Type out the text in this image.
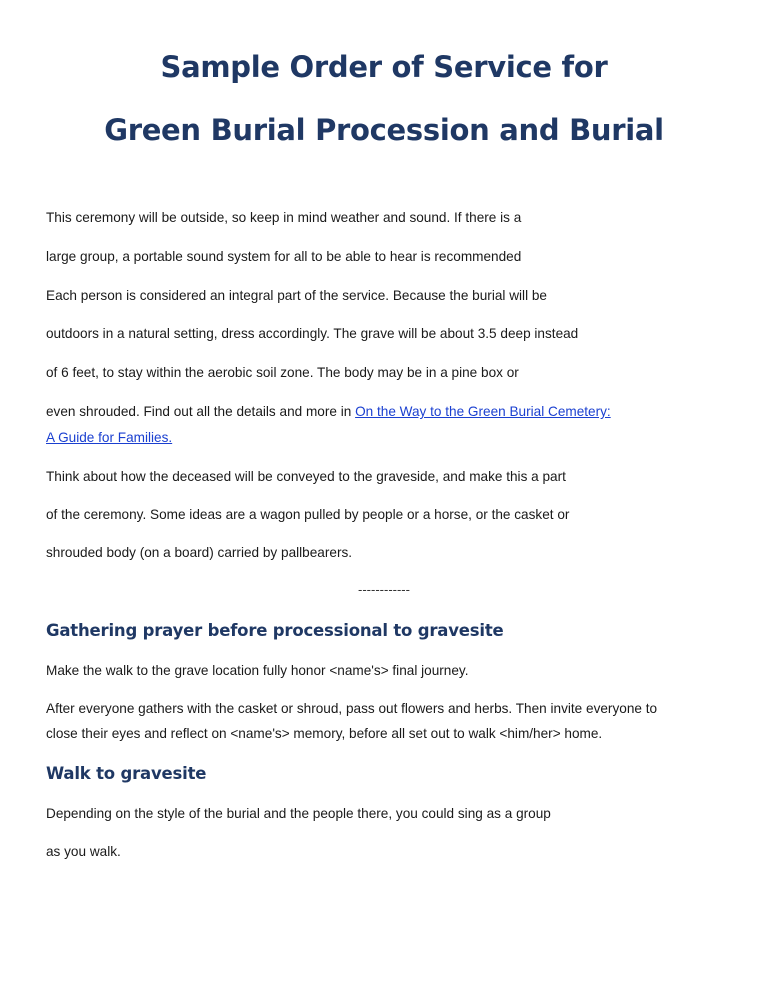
Sample Order of Service for
Green Burial Procession and Burial

This ceremony will be outside, so keep in mind weather and sound. If there is a

large group, a portable sound system for all to be able to hear is recommended

Each person is considered an integral part of the service. Because the burial will be

outdoors in a natural setting, dress accordingly. The grave will be about 3.5 deep instead

of 6 feet, to stay within the aerobic soil zone. The body may be in a pine box or

even shrouded. Find out all the details and more in On the Way to the Green Burial Cemetery:

A Guide for Families.

Think about how the deceased will be conveyed to the graveside, and make this a part

of the ceremony. Some ideas are a wagon pulled by people or a horse, or the casket or

shrouded body (on a board) carried by pallbearers.

------------

Gathering prayer before processional to gravesite

Make the walk to the grave location fully honor <name's> final journey.

After everyone gathers with the casket or shroud, pass out flowers and herbs. Then invite everyone to

close their eyes and reflect on <name's> memory, before all set out to walk <him/her> home.

Walk to gravesite

Depending on the style of the burial and the people there, you could sing as a group

as you walk.
